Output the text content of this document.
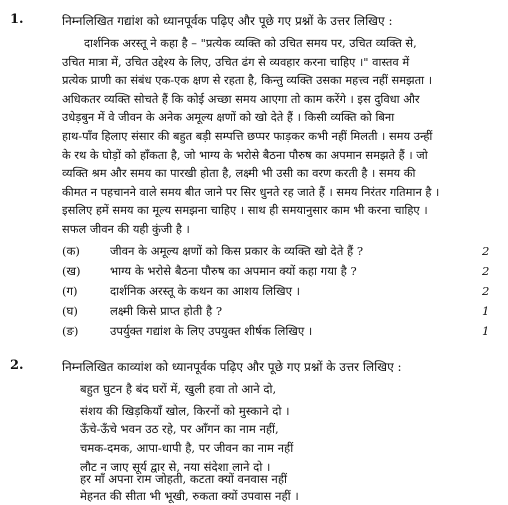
1.	निम्नलिखित गद्यांश को ध्यानपूर्वक पढ़िए और पूछे गए प्रश्नों के उत्तर लिखिए :
दार्शनिक अरस्तू ने कहा है – "प्रत्येक व्यक्ति को उचित समय पर, उचित व्यक्ति से,
उचित मात्रा में, उचित उद्देश्य के लिए, उचित ढंग से व्यवहार करना चाहिए ।" वास्तव में
प्रत्येक प्राणी का संबंध एक-एक क्षण से रहता है, किन्तु व्यक्ति उसका महत्त्व नहीं समझता ।
अधिकतर व्यक्ति सोचते हैं कि कोई अच्छा समय आएगा तो काम करेंगे । इस दुविधा और
उधेड़बुन में वे जीवन के अनेक अमूल्य क्षणों को खो देते हैं । किसी व्यक्ति को बिना
हाथ-पाँव हिलाए संसार की बहुत बड़ी सम्पत्ति छप्पर फाड़कर कभी नहीं मिलती । समय उन्हीं
के रथ के घोड़ों को हाँकता है, जो भाग्य के भरोसे बैठना पौरुष का अपमान समझते हैं । जो
व्यक्ति श्रम और समय का पारखी होता है, लक्ष्मी भी उसी का वरण करती है । समय की
कीमत न पहचानने वाले समय बीत जाने पर सिर धुनते रह जाते हैं । समय निरंतर गतिमान है ।
इसलिए हमें समय का मूल्य समझना चाहिए । साथ ही समयानुसार काम भी करना चाहिए ।
सफल जीवन की यही कुंजी है ।
(क)	जीवन के अमूल्य क्षणों को किस प्रकार के व्यक्ति खो देते हैं ?	2
(ख)	भाग्य के भरोसे बैठना पौरुष का अपमान क्यों कहा गया है ?	2
(ग)	दार्शनिक अरस्तू के कथन का आशय लिखिए ।	2
(घ)	लक्ष्मी किसे प्राप्त होती है ?	1
(ङ)	उपर्युक्त गद्यांश के लिए उपयुक्त शीर्षक लिखिए ।	1
2.	निम्नलिखित काव्यांश को ध्यानपूर्वक पढ़िए और पूछे गए प्रश्नों के उत्तर लिखिए :
बहुत घुटन है बंद घरों में, खुली हवा तो आने दो,
संशय की खिड़कियाँ खोल, किरनों को मुस्काने दो ।
ऊँचे-ऊँचे भवन उठ रहे, पर आँगन का नाम नहीं,
चमक-दमक, आपा-धापी है, पर जीवन का नाम नहीं
लौट न जाए सूर्य द्वार से, नया संदेशा लाने दो ।
हर माँ अपना राम जोहती, कटता क्यों वनवास नहीं
मेहनत की सीता भी भूखी, रुकता क्यों उपवास नहीं ।
